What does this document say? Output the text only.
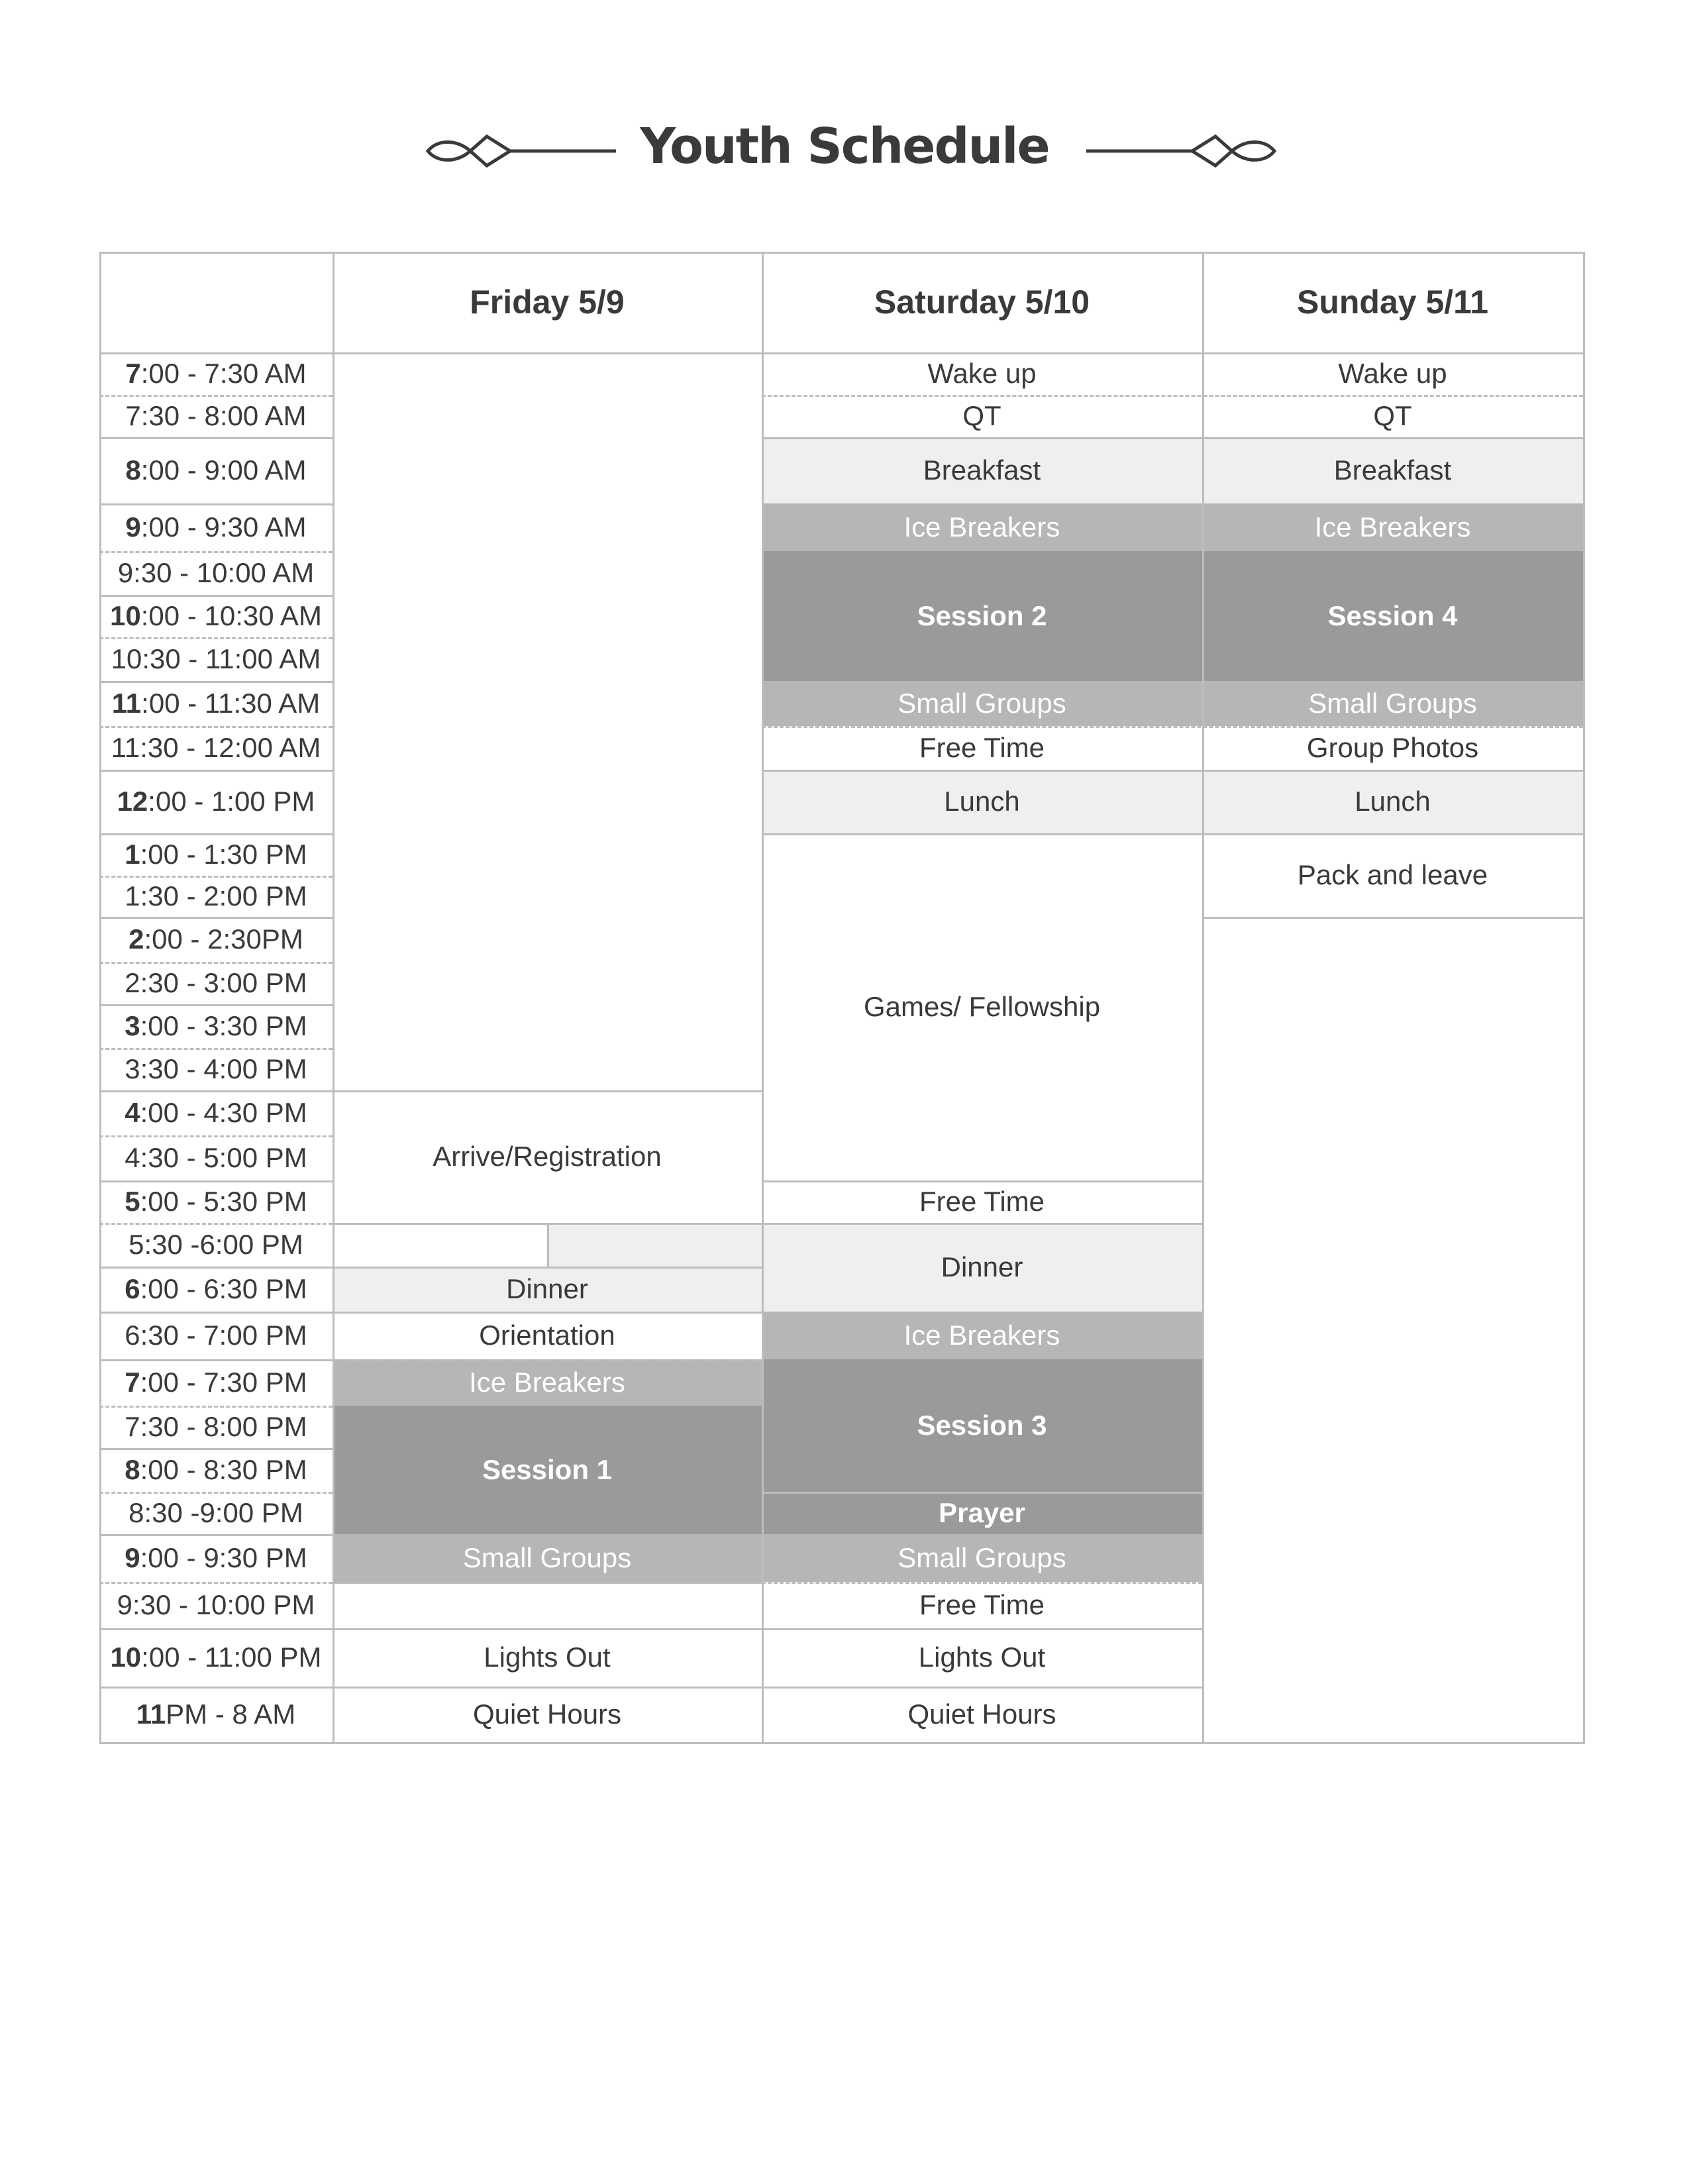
Youth Schedule
Friday 5/9	Saturday 5/10	Sunday 5/11
7 :00 - 7:30 AM
7:30 - 8:00 AM
8 :00 - 9:00 AM
9 :00 - 9:30 AM
9:30 - 10:00 AM
10 :00 - 10:30 AM
10:30 - 11:00 AM
11 :00 - 11:30 AM
11:30 - 12:00 AM
12 :00 - 1:00 PM
1 :00 - 1:30 PM
1:30 - 2:00 PM
2 :00 - 2:30PM
2:30 - 3:00 PM
3 :00 - 3:30 PM
3:30 - 4:00 PM
4 :00 - 4:30 PM
4:30 - 5:00 PM
5 :00 - 5:30 PM
5:30 -6:00 PM
6 :00 - 6:30 PM
6:30 - 7:00 PM
7 :00 - 7:30 PM
7:30 - 8:00 PM
8 :00 - 8:30 PM
8:30 -9:00 PM
9 :00 - 9:30 PM
9:30 - 10:00 PM
10 :00 - 11:00 PM
11 PM - 8 AM
Arrive/Registration
Dinner
Orientation
Ice Breakers
Session 1
Small Groups
Lights Out
Quiet Hours
Wake up
QT
Breakfast
Ice Breakers
Session 2
Small Groups
Free Time
Lunch
Games/ Fellowship
Free Time
Dinner
Ice Breakers
Session 3
Prayer
Small Groups
Free Time
Lights Out
Quiet Hours
Wake up
QT
Breakfast
Ice Breakers
Session 4
Small Groups
Group Photos
Lunch
Pack and leave
